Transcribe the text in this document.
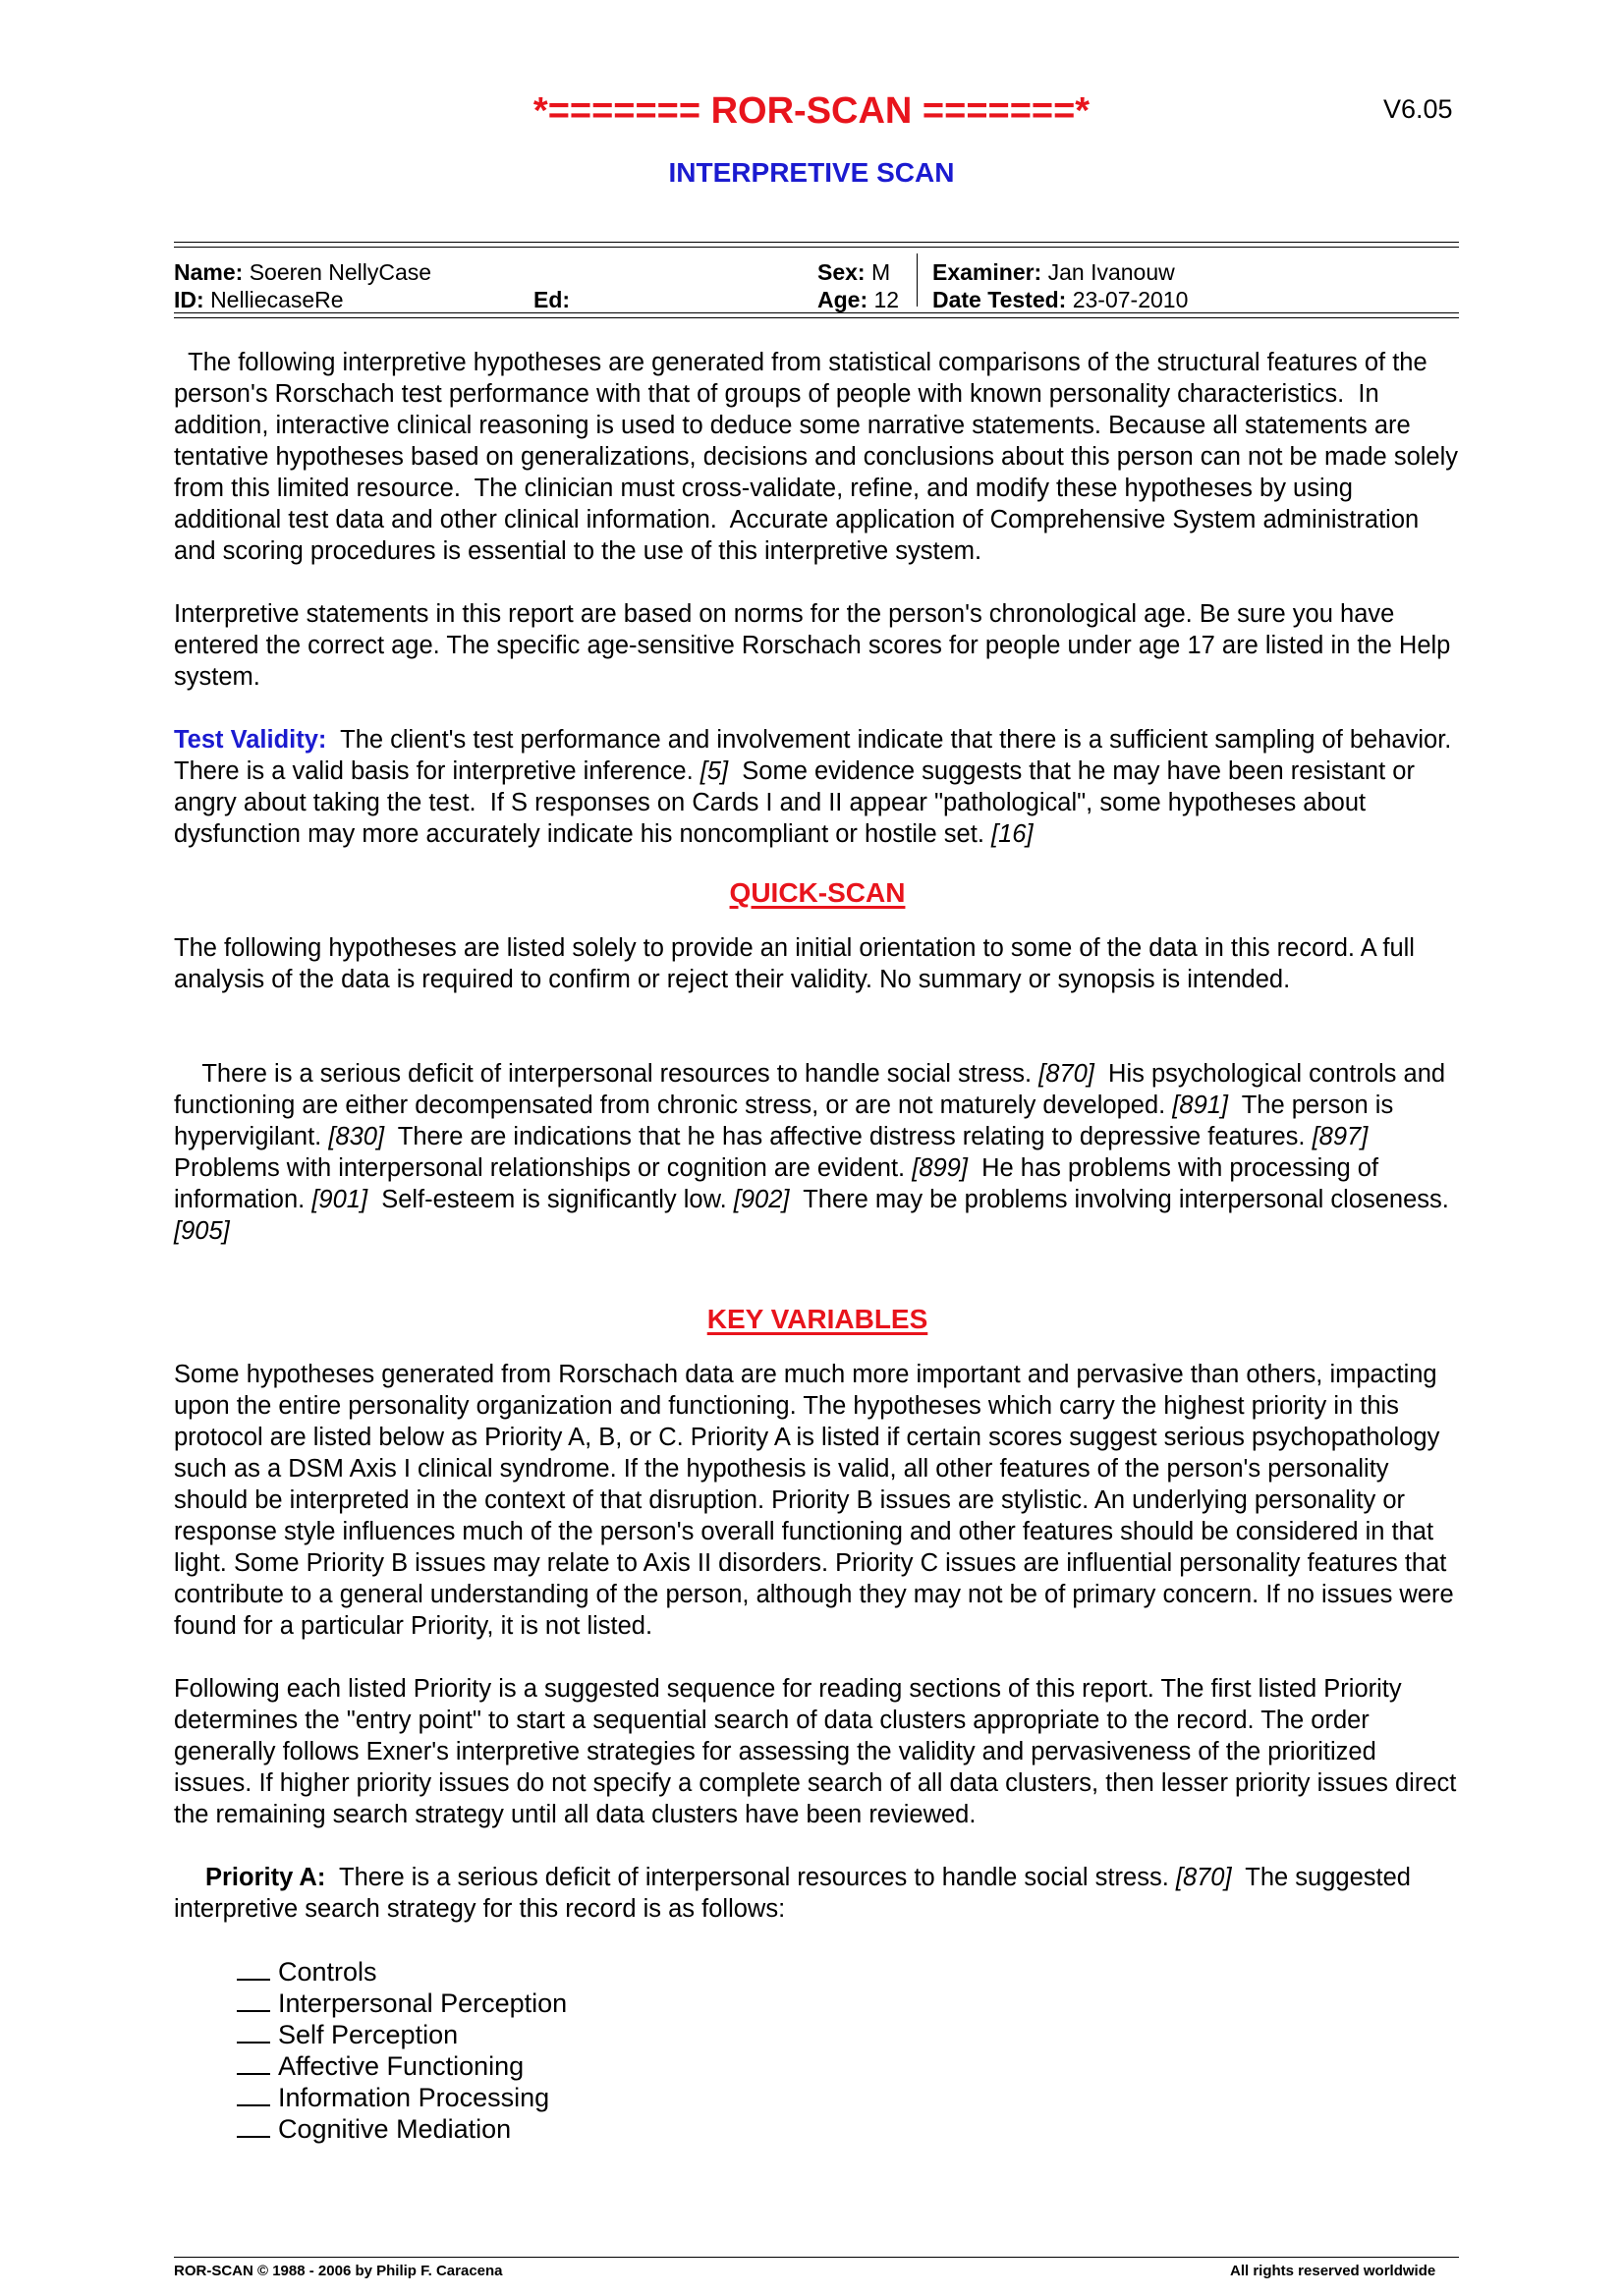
*======= ROR-SCAN =======*	V6.05
INTERPRETIVE SCAN
Name: Soeren NellyCase
ID: NelliecaseRe	Ed:
Sex: M
Age: 12
Examiner: Jan Ivanouw
Date Tested: 23-07-2010

The following interpretive hypotheses are generated from statistical comparisons of the structural features of the person's Rorschach test performance with that of groups of people with known personality characteristics.  In addition, interactive clinical reasoning is used to deduce some narrative statements. Because all statements are tentative hypotheses based on generalizations, decisions and conclusions about this person can not be made solely from this limited resource.  The clinician must cross-validate, refine, and modify these hypotheses by using additional test data and other clinical information.  Accurate application of Comprehensive System administration and scoring procedures is essential to the use of this interpretive system.

Interpretive statements in this report are based on norms for the person's chronological age. Be sure you have entered the correct age. The specific age-sensitive Rorschach scores for people under age 17 are listed in the Help system.

Test Validity:  The client's test performance and involvement indicate that there is a sufficient sampling of behavior.  There is a valid basis for interpretive inference. [5]  Some evidence suggests that he may have been resistant or angry about taking the test.  If S responses on Cards I and II appear "pathological", some hypotheses about dysfunction may more accurately indicate his noncompliant or hostile set. [16]

QUICK-SCAN

The following hypotheses are listed solely to provide an initial orientation to some of the data in this record. A full analysis of the data is required to confirm or reject their validity. No summary or synopsis is intended.

There is a serious deficit of interpersonal resources to handle social stress. [870]  His psychological controls and functioning are either decompensated from chronic stress, or are not maturely developed. [891]  The person is hypervigilant. [830]  There are indications that he has affective distress relating to depressive features. [897]  Problems with interpersonal relationships or cognition are evident. [899]  He has problems with processing of information. [901]  Self-esteem is significantly low. [902]  There may be problems involving interpersonal closeness. [905]

KEY VARIABLES

Some hypotheses generated from Rorschach data are much more important and pervasive than others, impacting upon the entire personality organization and functioning. The hypotheses which carry the highest priority in this protocol are listed below as Priority A, B, or C. Priority A is listed if certain scores suggest serious psychopathology such as a DSM Axis I clinical syndrome. If the hypothesis is valid, all other features of the person's personality should be interpreted in the context of that disruption. Priority B issues are stylistic. An underlying personality or response style influences much of the person's overall functioning and other features should be considered in that light. Some Priority B issues may relate to Axis II disorders. Priority C issues are influential personality features that contribute to a general understanding of the person, although they may not be of primary concern. If no issues were found for a particular Priority, it is not listed.

Following each listed Priority is a suggested sequence for reading sections of this report. The first listed Priority determines the "entry point" to start a sequential search of data clusters appropriate to the record. The order generally follows Exner's interpretive strategies for assessing the validity and pervasiveness of the prioritized issues. If higher priority issues do not specify a complete search of all data clusters, then lesser priority issues direct the remaining search strategy until all data clusters have been reviewed.

Priority A:  There is a serious deficit of interpersonal resources to handle social stress. [870]  The suggested interpretive search strategy for this record is as follows:

Controls
Interpersonal Perception
Self Perception
Affective Functioning
Information Processing
Cognitive Mediation
ROR-SCAN © 1988 - 2006 by Philip F. Caracena	All rights reserved worldwide
